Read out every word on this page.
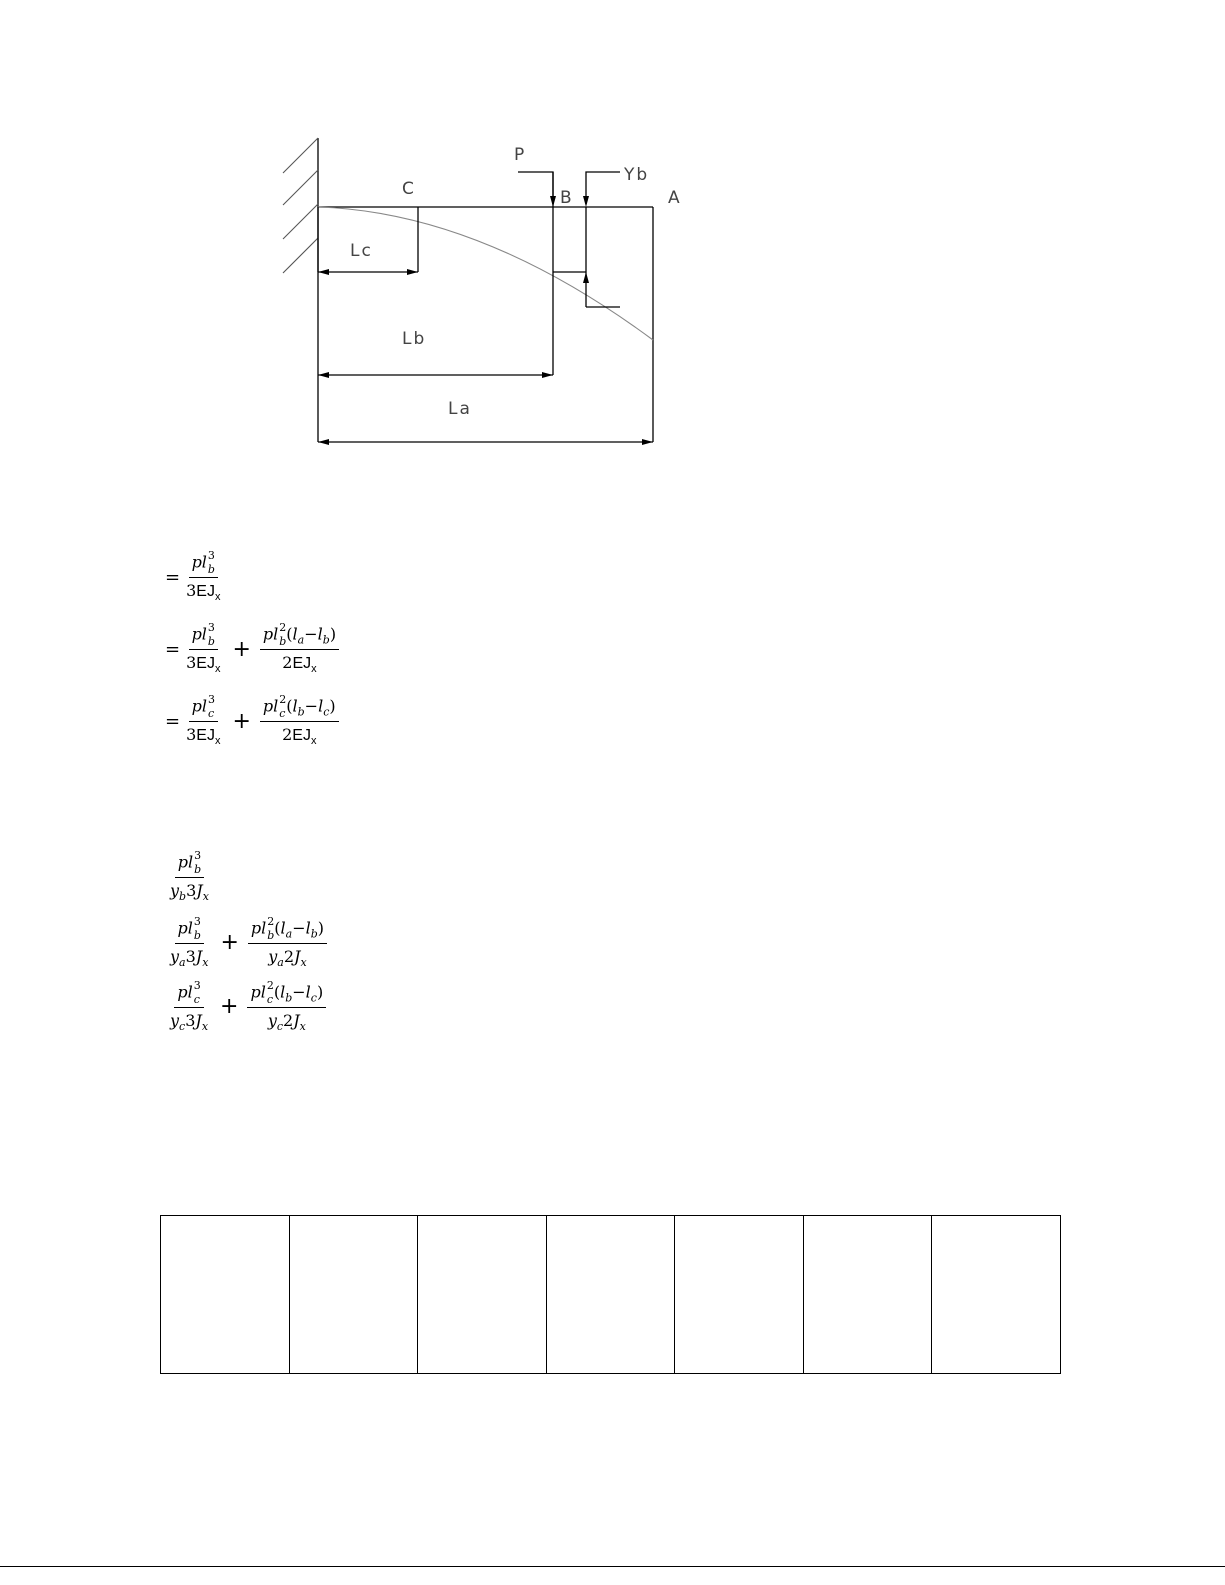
P
Yb
C	B	A
Lc
Lb
La
= pl 3
b
$3EJ_x$
= pl 3
b
$3EJ_x$ + pl 2
b $(l_a-l_b)$
$2EJ_x$
= pl 3
c
$3EJ_x$ + pl 2
c $(l_b-l_c)$
$2EJ_x$
pl 3
b
$y_b3J_x$
pl 3
b
$y_a3J_x$ + pl 2
b $(l_a-l_b)$
$y_a2J_x$
pl 3
c
$y_c3J_x$ + pl 2
c $(l_b-l_c)$
$y_c2J_x$
